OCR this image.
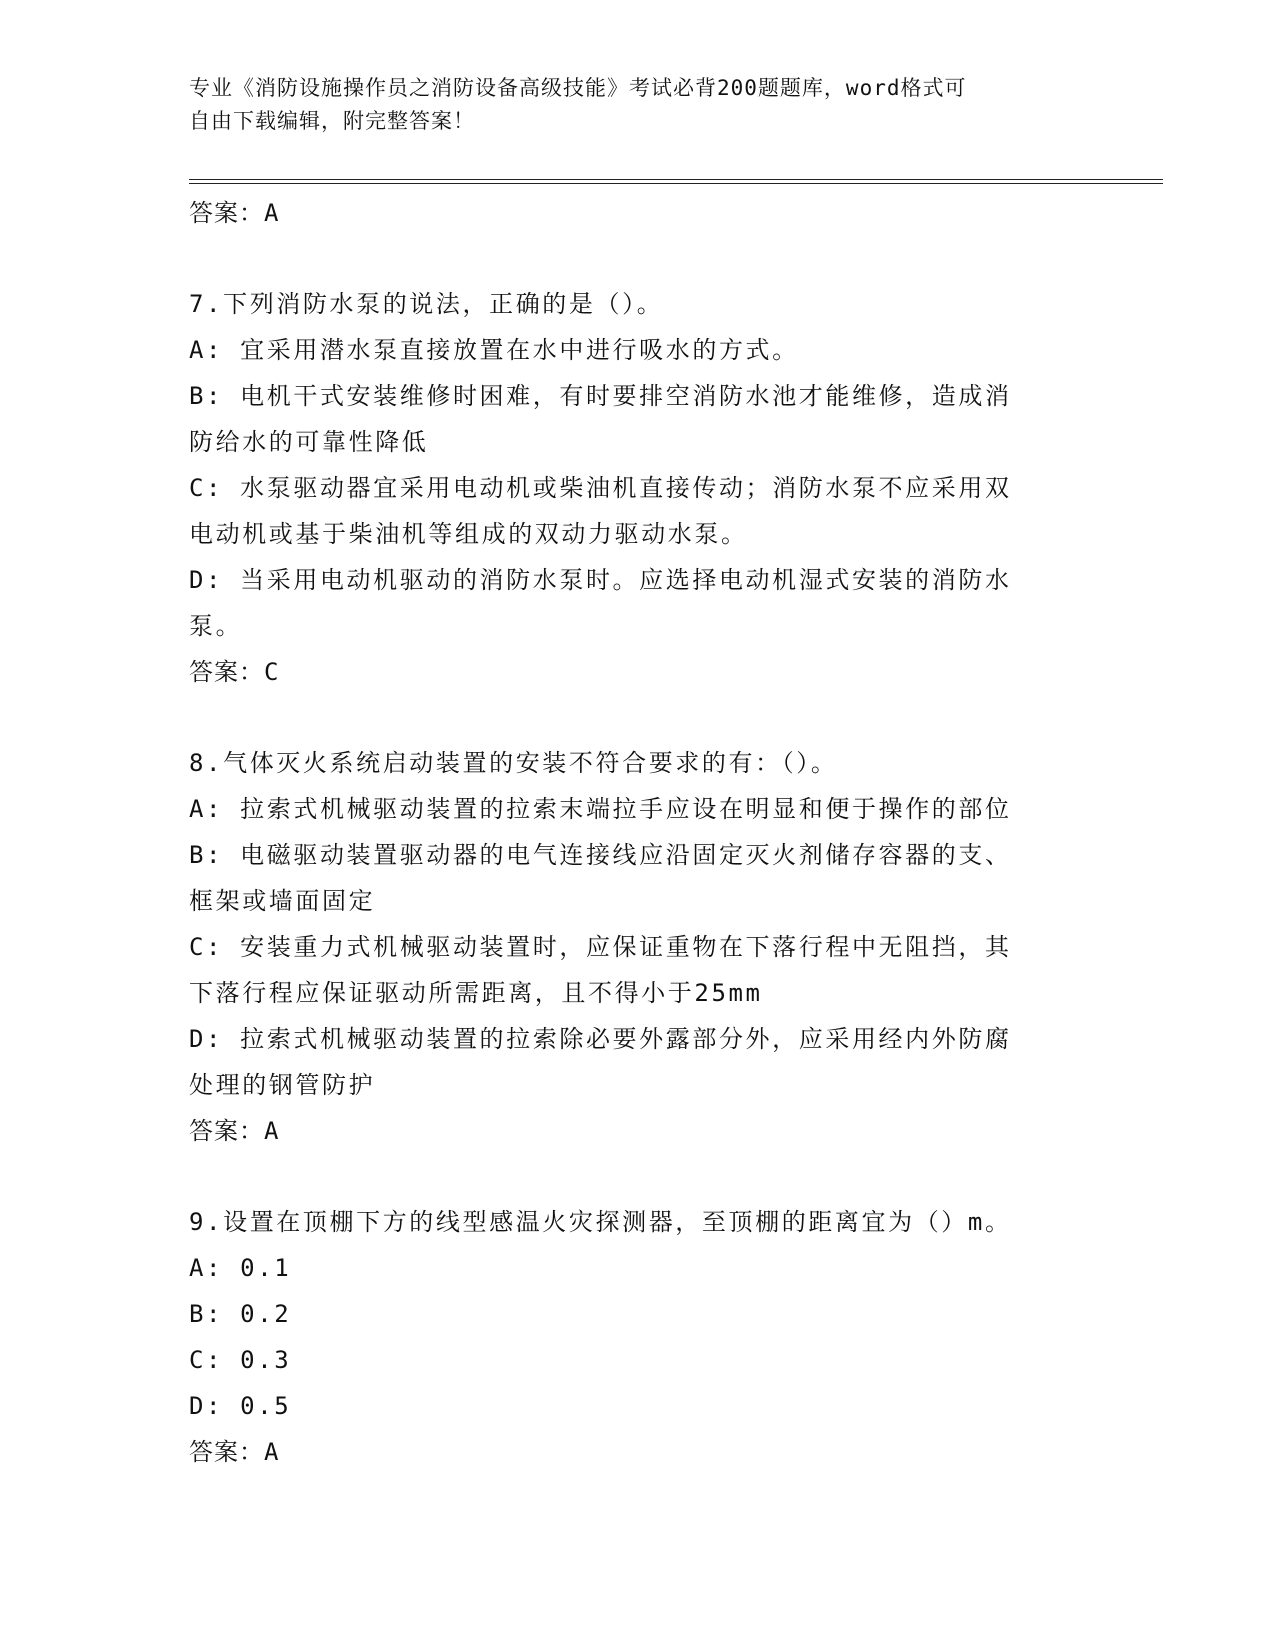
专业《消防设施操作员之消防设备高级技能》考试必背200题题库，word格式可
自由下载编辑，附完整答案！
答案：A
7.下列消防水泵的说法，正确的是（）。
A: 宜采用潜水泵直接放置在水中进行吸水的方式。
B: 电机干式安装维修时困难，有时要排空消防水池才能维修，造成消
防给水的可靠性降低
C: 水泵驱动器宜采用电动机或柴油机直接传动；消防水泵不应采用双
电动机或基于柴油机等组成的双动力驱动水泵。
D: 当采用电动机驱动的消防水泵时。应选择电动机湿式安装的消防水
泵。
答案：C
8.气体灭火系统启动装置的安装不符合要求的有：（）。
A: 拉索式机械驱动装置的拉索末端拉手应设在明显和便于操作的部位
B: 电磁驱动装置驱动器的电气连接线应沿固定灭火剂储存容器的支、
框架或墙面固定
C: 安装重力式机械驱动装置时，应保证重物在下落行程中无阻挡，其
下落行程应保证驱动所需距离，且不得小于25mm
D: 拉索式机械驱动装置的拉索除必要外露部分外，应采用经内外防腐
处理的钢管防护
答案：A
9.设置在顶棚下方的线型感温火灾探测器，至顶棚的距离宜为（）m。
A: 0.1
B: 0.2
C: 0.3
D: 0.5
答案：A
